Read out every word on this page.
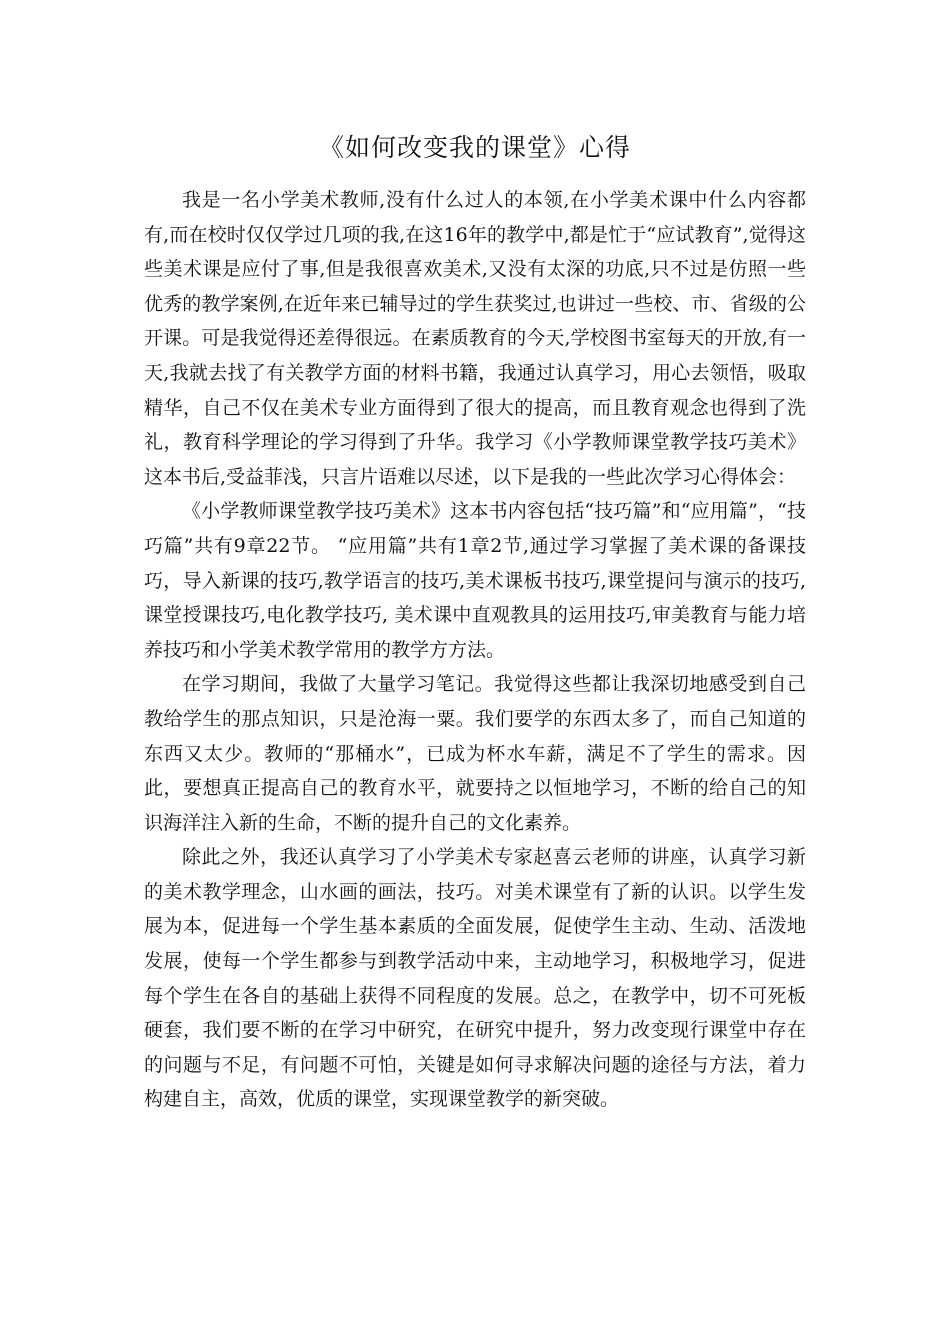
《如何改变我的课堂》心得

我是一名小学美术教师,没有什么过人的本领,在小学美术课中什么内容都有,而在校时仅仅学过几项的我,在这16年的教学中,都是忙于“应试教育”,觉得这些美术课是应付了事,但是我很喜欢美术,又没有太深的功底,只不过是仿照一些优秀的教学案例,在近年来已辅导过的学生获奖过,也讲过一些校、市、省级的公开课。可是我觉得还差得很远。在素质教育的今天,学校图书室每天的开放,有一天,我就去找了有关教学方面的材料书籍，我通过认真学习，用心去领悟，吸取精华，自己不仅在美术专业方面得到了很大的提高，而且教育观念也得到了洗礼，教育科学理论的学习得到了升华。我学习《小学教师课堂教学技巧美术》这本书后,受益菲浅，只言片语难以尽述，以下是我的一些此次学习心得体会：

《小学教师课堂教学技巧美术》这本书内容包括“技巧篇”和“应用篇”，“技巧篇”共有9章22节。 “应用篇”共有1章2节,通过学习掌握了美术课的备课技巧，导入新课的技巧,教学语言的技巧,美术课板书技巧,课堂提问与演示的技巧,课堂授课技巧,电化教学技巧, 美术课中直观教具的运用技巧,审美教育与能力培养技巧和小学美术教学常用的教学方方法。

在学习期间，我做了大量学习笔记。我觉得这些都让我深切地感受到自己教给学生的那点知识，只是沧海一粟。我们要学的东西太多了，而自己知道的东西又太少。教师的“那桶水”，已成为杯水车薪，满足不了学生的需求。因此，要想真正提高自己的教育水平，就要持之以恒地学习，不断的给自己的知识海洋注入新的生命，不断的提升自己的文化素养。

除此之外，我还认真学习了小学美术专家赵喜云老师的讲座，认真学习新的美术教学理念，山水画的画法，技巧。对美术课堂有了新的认识。以学生发展为本，促进每一个学生基本素质的全面发展，促使学生主动、生动、活泼地发展，使每一个学生都参与到教学活动中来，主动地学习，积极地学习，促进每个学生在各自的基础上获得不同程度的发展。总之，在教学中，切不可死板硬套，我们要不断的在学习中研究，在研究中提升，努力改变现行课堂中存在的问题与不足，有问题不可怕，关键是如何寻求解决问题的途径与方法，着力构建自主，高效，优质的课堂，实现课堂教学的新突破。
